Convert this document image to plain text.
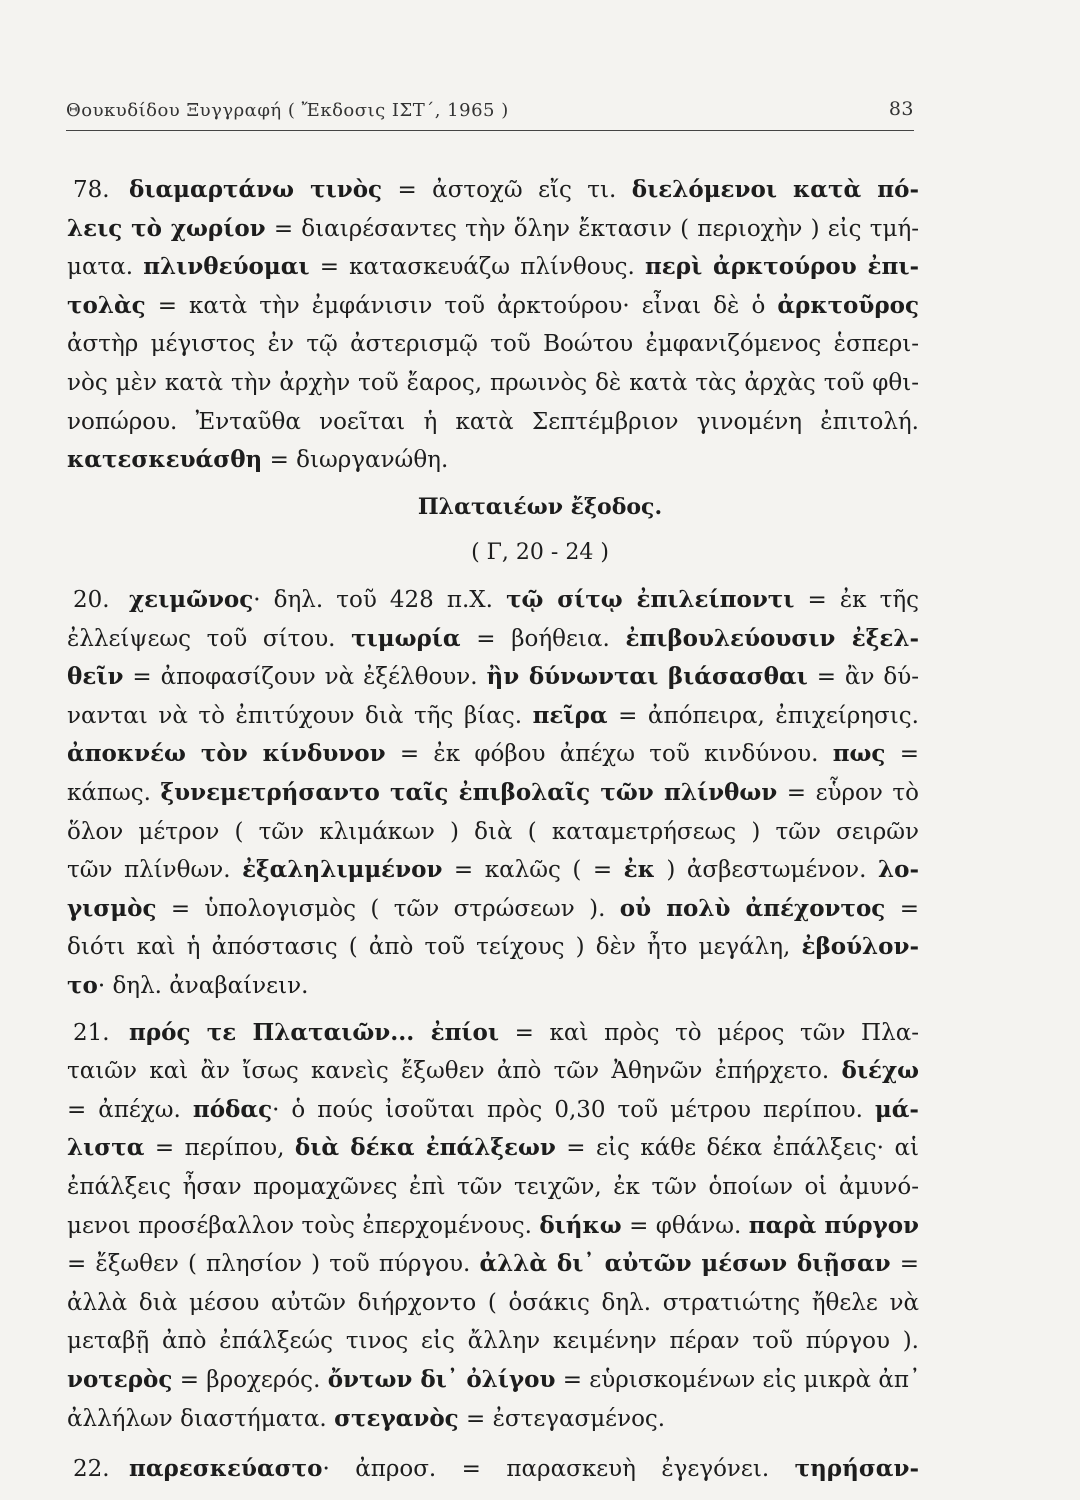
Θουκυδίδου Ξυγγραφή ( Ἔκδοσις ΙΣΤ΄, 1965 )	83
78. διαμαρτάνω τινὸς = ἀστοχῶ εἴς τι. διελόμενοι κατὰ πό-
λεις τὸ χωρίον = διαιρέσαντες τὴν ὅλην ἔκτασιν ( περιοχὴν ) εἰς τμή-
ματα. πλινθεύομαι = κατασκευάζω πλίνθους. περὶ ἀρκτούρου ἐπι-
τολὰς = κατὰ τὴν ἐμφάνισιν τοῦ ἀρκτούρου· εἶναι δὲ ὁ ἀρκτοῦρος
ἀστὴρ μέγιστος ἐν τῷ ἀστερισμῷ τοῦ Βοώτου ἐμφανιζόμενος ἑσπερι-
νὸς μὲν κατὰ τὴν ἀρχὴν τοῦ ἔαρος, πρωινὸς δὲ κατὰ τὰς ἀρχὰς τοῦ φθι-
νοπώρου. Ἐνταῦθα νοεῖται ἡ κατὰ Σεπτέμβριον γινομένη ἐπιτολή.
κατεσκευάσθη = διωργανώθη.
Πλαταιέων ἔξοδος.
( Γ, 20 - 24 )
20. χειμῶνος· δηλ. τοῦ 428 π.Χ. τῷ σίτῳ ἐπιλείποντι = ἐκ τῆς
ἐλλείψεως τοῦ σίτου. τιμωρία = βοήθεια. ἐπιβουλεύουσιν ἐξελ-
θεῖν = ἀποφασίζουν νὰ ἐξέλθουν. ἢν δύνωνται βιάσασθαι = ἂν δύ-
νανται νὰ τὸ ἐπιτύχουν διὰ τῆς βίας. πεῖρα = ἀπόπειρα, ἐπιχείρησις.
ἀποκνέω τὸν κίνδυνον = ἐκ φόβου ἀπέχω τοῦ κινδύνου. πως =
κάπως. ξυνεμετρήσαντο ταῖς ἐπιβολαῖς τῶν πλίνθων = εὗρον τὸ
ὅλον μέτρον ( τῶν κλιμάκων ) διὰ ( καταμετρήσεως ) τῶν σειρῶν
τῶν πλίνθων. ἐξαληλιμμένον = καλῶς ( = ἐκ ) ἀσβεστωμένον. λο-
γισμὸς = ὑπολογισμὸς ( τῶν στρώσεων ). οὐ πολὺ ἀπέχοντος =
διότι καὶ ἡ ἀπόστασις ( ἀπὸ τοῦ τείχους ) δὲν ἦτο μεγάλη, ἐβούλον-
το· δηλ. ἀναβαίνειν.
21. πρός τε Πλαταιῶν... ἐπίοι = καὶ πρὸς τὸ μέρος τῶν Πλα-
ταιῶν καὶ ἂν ἴσως κανεὶς ἔξωθεν ἀπὸ τῶν Ἀθηνῶν ἐπήρχετο. διέχω
= ἀπέχω. πόδας· ὁ πούς ἰσοῦται πρὸς 0,30 τοῦ μέτρου περίπου. μά-
λιστα = περίπου, διὰ δέκα ἐπάλξεων = εἰς κάθε δέκα ἐπάλξεις· αἱ
ἐπάλξεις ἦσαν προμαχῶνες ἐπὶ τῶν τειχῶν, ἐκ τῶν ὁποίων οἱ ἀμυνό-
μενοι προσέβαλλον τοὺς ἐπερχομένους. διήκω = φθάνω. παρὰ πύργον
= ἔξωθεν ( πλησίον ) τοῦ πύργου. ἀλλὰ δι᾽ αὐτῶν μέσων διῇσαν =
ἀλλὰ διὰ μέσου αὐτῶν διήρχοντο ( ὁσάκις δηλ. στρατιώτης ἤθελε νὰ
μεταβῇ ἀπὸ ἐπάλξεώς τινος εἰς ἄλλην κειμένην πέραν τοῦ πύργου ).
νοτερὸς = βροχερός. ὄντων δι᾽ ὀλίγου = εὑρισκομένων εἰς μικρὰ ἀπ᾽
ἀλλήλων διαστήματα. στεγανὸς = ἐστεγασμένος.
22. παρεσκεύαστο· ἀπροσ. = παρασκευὴ ἐγεγόνει. τηρήσαν-
